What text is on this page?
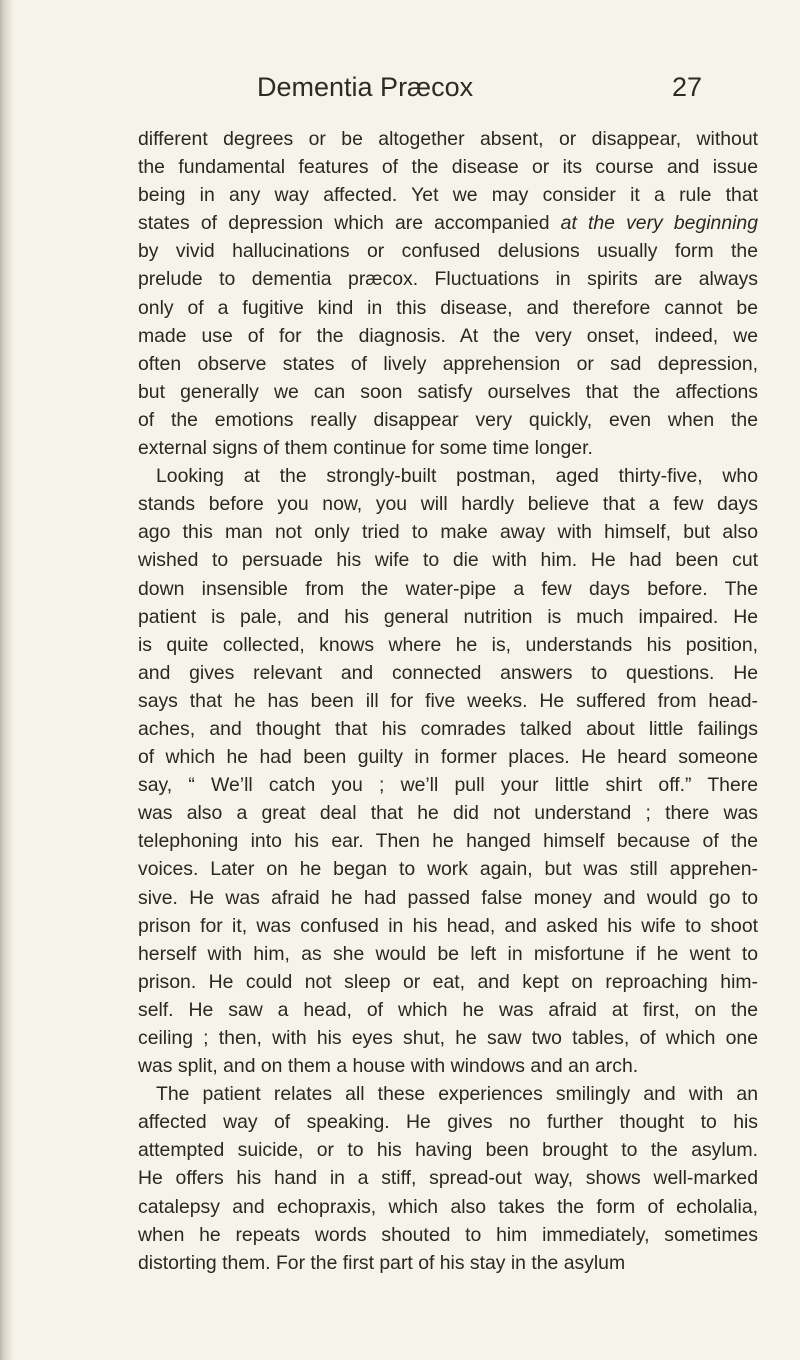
Dementia Præcox	27
different degrees or be altogether absent, or disappear, without
the fundamental features of the disease or its course and issue
being in any way affected. Yet we may consider it a rule that
states of depression which are accompanied at the very beginning
by vivid hallucinations or confused delusions usually form the
prelude to dementia præcox. Fluctuations in spirits are always
only of a fugitive kind in this disease, and therefore cannot be
made use of for the diagnosis. At the very onset, indeed, we
often observe states of lively apprehension or sad depression,
but generally we can soon satisfy ourselves that the affections
of the emotions really disappear very quickly, even when the
external signs of them continue for some time longer.
Looking at the strongly-built postman, aged thirty-five, who
stands before you now, you will hardly believe that a few days
ago this man not only tried to make away with himself, but also
wished to persuade his wife to die with him. He had been cut
down insensible from the water-pipe a few days before. The
patient is pale, and his general nutrition is much impaired. He
is quite collected, knows where he is, understands his position,
and gives relevant and connected answers to questions. He
says that he has been ill for five weeks. He suffered from head-
aches, and thought that his comrades talked about little failings
of which he had been guilty in former places. He heard someone
say, “ We’ll catch you ; we’ll pull your little shirt off.” There
was also a great deal that he did not understand ; there was
telephoning into his ear. Then he hanged himself because of the
voices. Later on he began to work again, but was still apprehen-
sive. He was afraid he had passed false money and would go to
prison for it, was confused in his head, and asked his wife to shoot
herself with him, as she would be left in misfortune if he went to
prison. He could not sleep or eat, and kept on reproaching him-
self. He saw a head, of which he was afraid at first, on the
ceiling ; then, with his eyes shut, he saw two tables, of which one
was split, and on them a house with windows and an arch.
The patient relates all these experiences smilingly and with an
affected way of speaking. He gives no further thought to his
attempted suicide, or to his having been brought to the asylum.
He offers his hand in a stiff, spread-out way, shows well-marked
catalepsy and echopraxis, which also takes the form of echolalia,
when he repeats words shouted to him immediately, sometimes
distorting them. For the first part of his stay in the asylum
